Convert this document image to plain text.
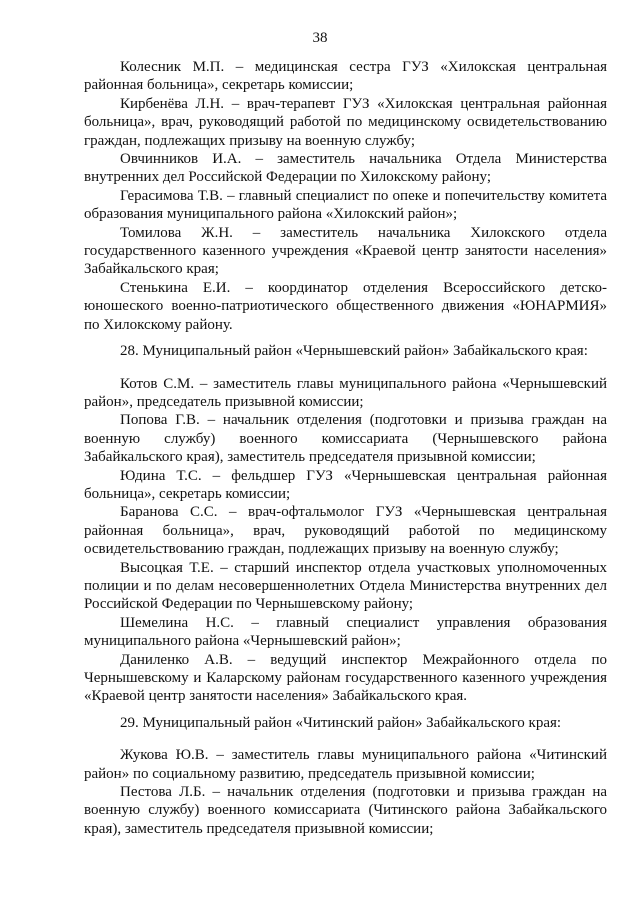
38

Колесник М.П. – медицинская сестра ГУЗ «Хилокская центральная районная больница», секретарь комиссии;

Кирбенёва Л.Н. – врач-терапевт ГУЗ «Хилокская центральная районная больница», врач, руководящий работой по медицинскому освидетельствованию граждан, подлежащих призыву на военную службу;

Овчинников И.А. – заместитель начальника Отдела Министерства внутренних дел Российской Федерации по Хилокскому району;

Герасимова Т.В. – главный специалист по опеке и попечительству комитета образования муниципального района «Хилокский район»;

Томилова Ж.Н. – заместитель начальника Хилокского отдела государственного казенного учреждения «Краевой центр занятости населения» Забайкальского края;

Стенькина Е.И. – координатор отделения Всероссийского детско-юношеского военно-патриотического общественного движения «ЮНАРМИЯ» по Хилокскому району.

28. Муниципальный район «Чернышевский район» Забайкальского края:

Котов С.М. – заместитель главы муниципального района «Чернышевский район», председатель призывной комиссии;

Попова Г.В. – начальник отделения (подготовки и призыва граждан на военную службу) военного комиссариата (Чернышевского района Забайкальского края), заместитель председателя призывной комиссии;

Юдина Т.С. – фельдшер ГУЗ «Чернышевская центральная районная больница», секретарь комиссии;

Баранова С.С. – врач-офтальмолог ГУЗ «Чернышевская центральная районная больница», врач, руководящий работой по медицинскому освидетельствованию граждан, подлежащих призыву на военную службу;

Высоцкая Т.Е. – старший инспектор отдела участковых уполномоченных полиции и по делам несовершеннолетних Отдела Министерства внутренних дел Российской Федерации по Чернышевскому району;

Шемелина Н.С. – главный специалист управления образования муниципального района «Чернышевский район»;

Даниленко А.В. – ведущий инспектор Межрайонного отдела по Чернышевскому и Каларскому районам государственного казенного учреждения «Краевой центр занятости населения» Забайкальского края.

29. Муниципальный район «Читинский район» Забайкальского края:

Жукова Ю.В. – заместитель главы муниципального района «Читинский район» по социальному развитию, председатель призывной комиссии;

Пестова Л.Б. – начальник отделения (подготовки и призыва граждан на военную службу) военного комиссариата (Читинского района Забайкальского края), заместитель председателя призывной комиссии;
